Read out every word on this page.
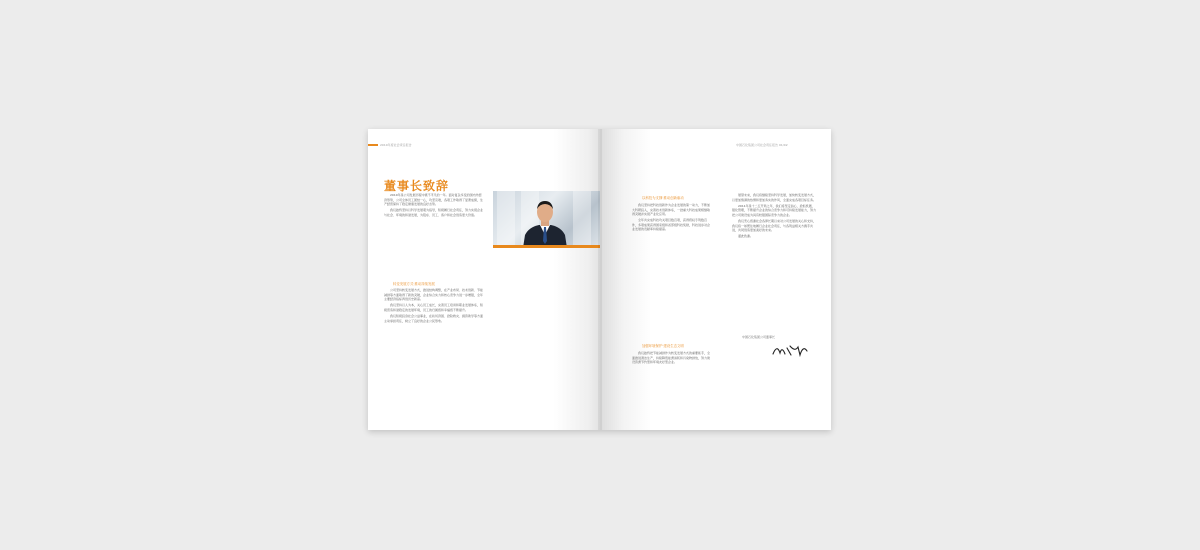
2010年度社会责任报告
董事长致辞

2010年是公司发展历程中极不平凡的一年。面对复杂多变的国内外经济形势，公司全体员工团结一心，攻坚克难，各项工作取得了显著成绩，生产经营保持了稳定健康发展的良好态势。

我们始终坚持以科学发展观为指导，积极履行社会责任，努力实现企业与社会、环境的和谐发展，为股东、员工、客户和社会创造更大价值。

转变发展方式·推动持续发展

公司坚持转变发展方式，推进结构调整，在产业布局、技术创新、节能减排等方面取得了新的突破，企业综合实力和核心竞争力进一步增强，全年主要经济指标再创历史新高。

我们坚持以人为本，关心员工成长，完善员工培训和职业发展体系，积极营造和谐稳定的发展环境，员工的归属感和幸福感不断提升。

我们积极投身社会公益事业，在扶贫济困、抢险救灾、捐资助学等方面主动承担责任，树立了良好的企业公民形象。

中国石化集团公司社会责任报告 01/02
以科技为支撑·推动创新驱动

我们坚持把科技创新作为企业发展的第一动力，不断加大科研投入，完善技术创新体系，一批重大科技成果相继取得突破并实现产业化应用。

全年共完成科技攻关项目数百项，获得授权专利数百件，多项成果获得国家级和省部级科技奖励，科技进步对企业发展的贡献率持续提高。

加强环境保护·建设生态文明

我们始终把节能减排作为转变发展方式的重要抓手，全面推进清洁生产，持续降低能源消耗和污染物排放，努力建设资源节约型和环境友好型企业。

展望未来，我们将继续坚持科学发展，加快转变发展方式，以更加饱满的热情和更加务实的作风，全面完成各项目标任务。

2011年是十二五开局之年，我们将坚定信心，抢抓机遇，强化管理，不断提升企业的综合竞争力和可持续发展能力，努力把公司建设成为具有较强国际竞争力的企业。

我们衷心感谢社会各界长期以来对公司发展的关心和支持，我们将一如既往地履行企业社会责任，与各利益相关方携手共进，共同创造更加美好的未来。

谨此致谢。

中国石化集团公司董事长
